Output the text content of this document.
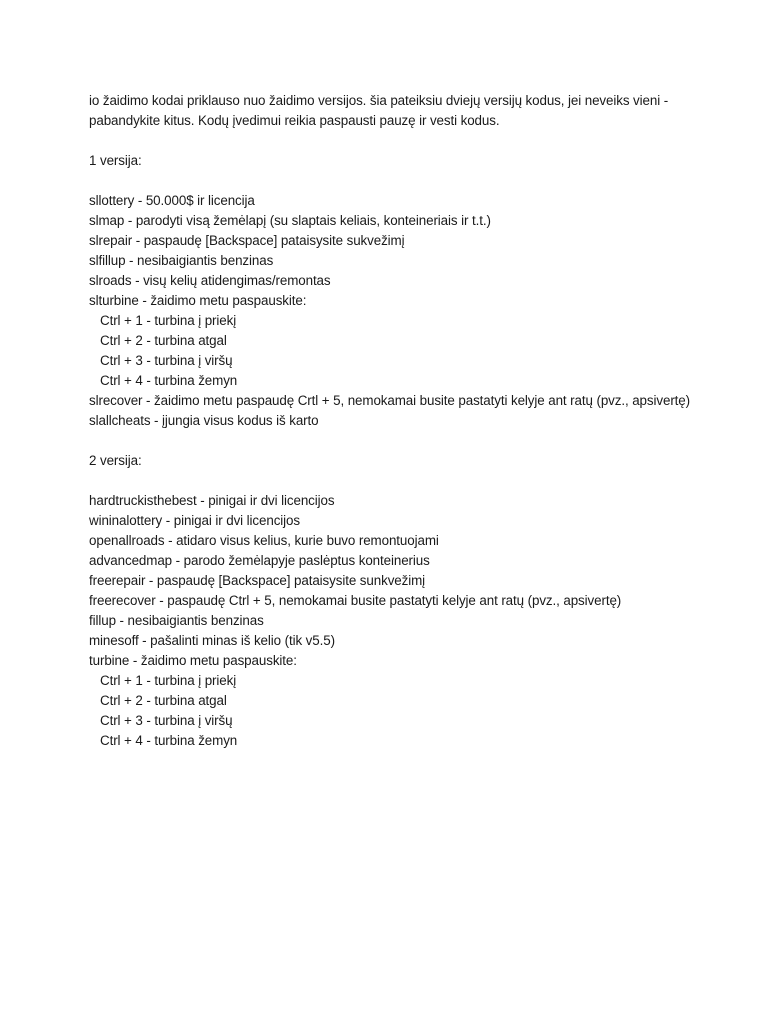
io žaidimo kodai priklauso nuo žaidimo versijos. šia pateiksiu dviejų versijų kodus, jei neveiks vieni -
pabandykite kitus. Kodų įvedimui reikia paspausti pauzę ir vesti kodus.
1 versija:
sllottery - 50.000$ ir licencija
slmap - parodyti visą žemėlapį (su slaptais keliais, konteineriais ir t.t.)
slrepair - paspaudę [Backspace] pataisysite sukvežimį
slfillup - nesibaigiantis benzinas
slroads - visų kelių atidengimas/remontas
slturbine - žaidimo metu paspauskite:
Ctrl + 1 - turbina į priekį
Ctrl + 2 - turbina atgal
Ctrl + 3 - turbina į viršų
Ctrl + 4 - turbina žemyn
slrecover - žaidimo metu paspaudę Crtl + 5, nemokamai busite pastatyti kelyje ant ratų (pvz., apsivertę)
slallcheats - įjungia visus kodus iš karto
2 versija:
hardtruckisthebest - pinigai ir dvi licencijos
wininalottery - pinigai ir dvi licencijos
openallroads - atidaro visus kelius, kurie buvo remontuojami
advancedmap - parodo žemėlapyje paslėptus konteinerius
freerepair - paspaudę [Backspace] pataisysite sunkvežimį
freerecover - paspaudę Ctrl + 5, nemokamai busite pastatyti kelyje ant ratų (pvz., apsivertę)
fillup - nesibaigiantis benzinas
minesoff - pašalinti minas iš kelio (tik v5.5)
turbine - žaidimo metu paspauskite:
Ctrl + 1 - turbina į priekį
Ctrl + 2 - turbina atgal
Ctrl + 3 - turbina į viršų
Ctrl + 4 - turbina žemyn
